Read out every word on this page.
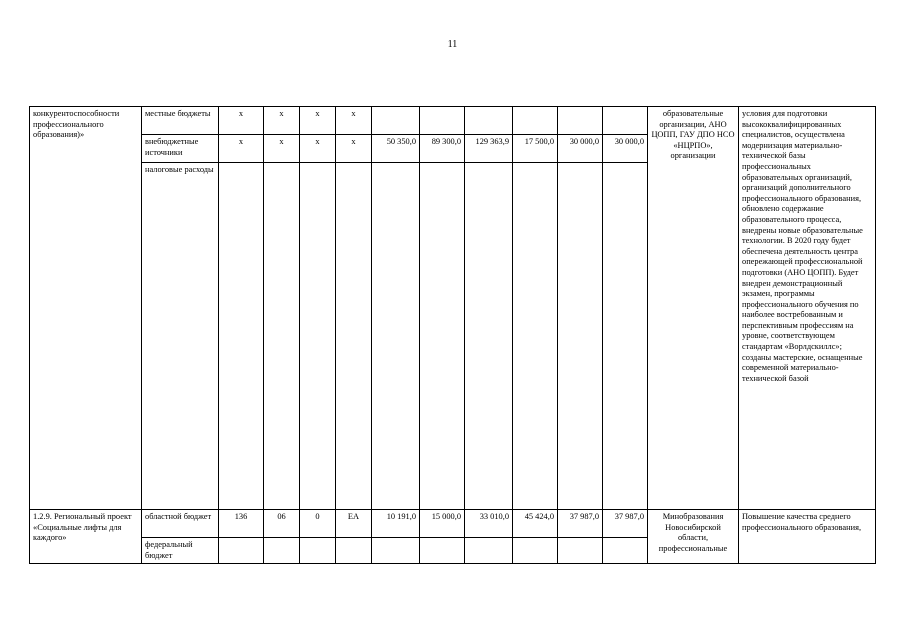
11
конкурентоспособности профессионального образования)»	местные бюджеты	х	х	х	х							образовательные организации, АНО ЦОПП, ГАУ ДПО НСО «НЦРПО», организации	условия для подготовки высококвалифицированных специалистов, осуществлена модернизация материально-технической базы профессиональных образовательных организаций, организаций дополнительного профессионального образования, обновлено содержание образовательного процесса, внедрены новые образовательные технологии. В 2020 году будет обеспечена деятельность центра опережающей профессиональной подготовки (АНО ЦОПП). Будет внедрен демонстрационный экзамен, программы профессионального обучения по наиболее востребованным и перспективным профессиям на уровне, соответствующем стандартам «Ворлдскиллс»; созданы мастерские, оснащенные современной материально-технической базой
	внебюджетные источники	х	х	х	х	50 350,0	89 300,0	129 363,9	17 500,0	30 000,0	30 000,0		
	налоговые расходы												
1.2.9. Региональный проект «Социальные лифты для каждого»	областной бюджет	136	06	0	ЕА	10 191,0	15 000,0	33 010,0	45 424,0	37 987,0	37 987,0	Минобразования Новосибирской области, профессиональные	Повышение качества среднего профессионального образования,
	федеральный бюджет												
